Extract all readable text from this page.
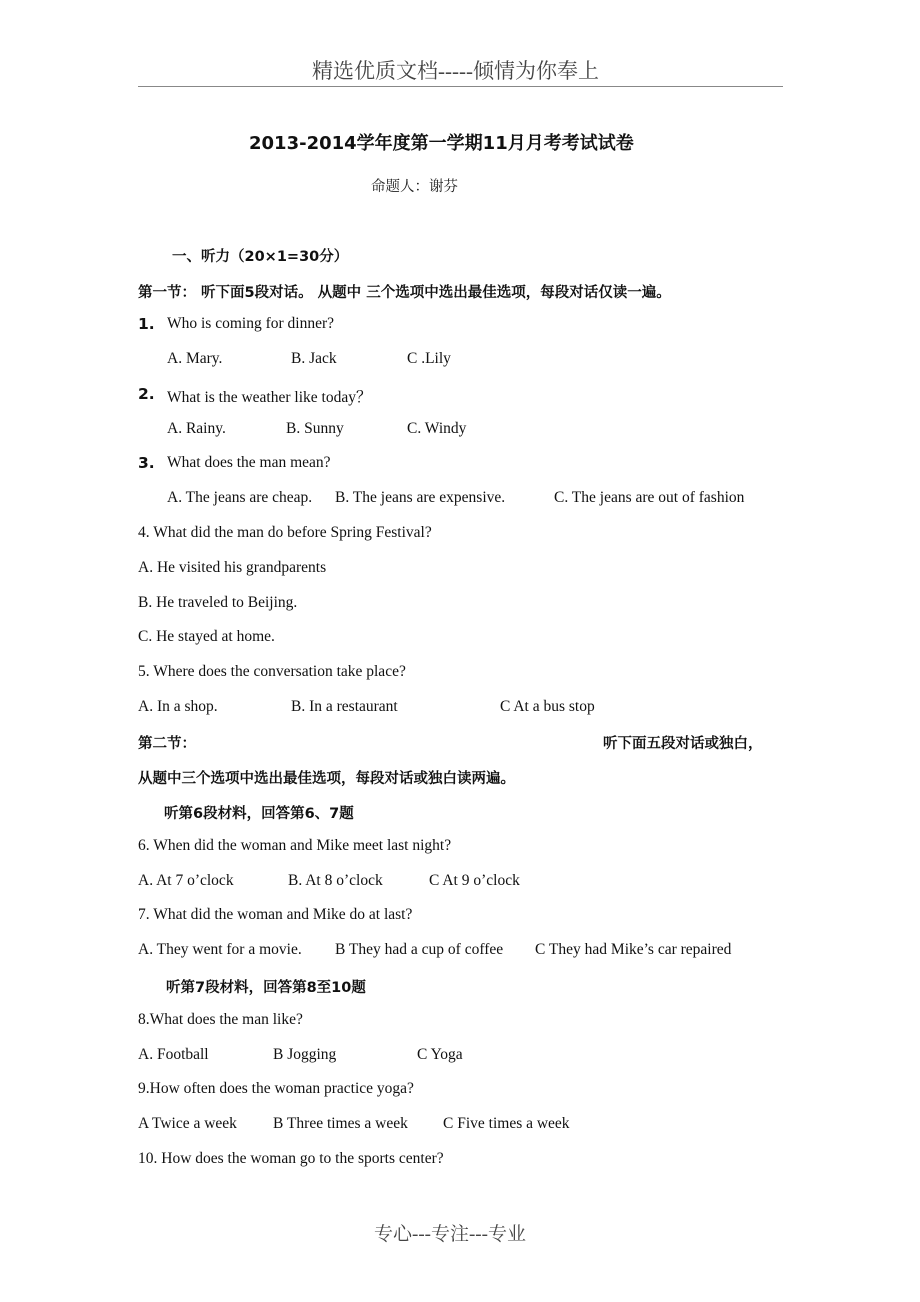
精选优质文档-----倾情为你奉上
2013-2014学年度第一学期11月月考考试试卷
命题人：谢芬
一、听力（20×1=30分）
第一节： 听下面5段对话。 从题中 三个选项中选出最佳选项，每段对话仅读一遍。
1. Who is coming for dinner?
A. Mary.	B. Jack	C .Lily
2. What is the weather like today？
A. Rainy.	B. Sunny	C. Windy
3. What does the man mean?
A. The jeans are cheap. B. The jeans are expensive.	C. The jeans are out of fashion
4. What did the man do before Spring Festival?
A. He visited his grandparents
B. He traveled to Beijing.
C. He stayed at home.
5. Where does the conversation take place?
A. In a shop.	B. In a restaurant	C At a bus stop
第二节：	听下面五段对话或独白，
从题中三个选项中选出最佳选项，每段对话或独白读两遍。
听第6段材料，回答第6、7题
6. When did the woman and Mike meet last night?
A. At 7 o’clock	B. At 8 o’clock	C At 9 o’clock
7. What did the woman and Mike do at last?
A. They went for a movie. B They had a cup of coffee C They had Mike’s car repaired
听第7段材料，回答第8至10题
8.What does the man like?
A. Football	B Jogging	C Yoga
9.How often does the woman practice yoga?
A Twice a week B Three times a week C Five times a week
10. How does the woman go to the sports center?
专心---专注---专业
